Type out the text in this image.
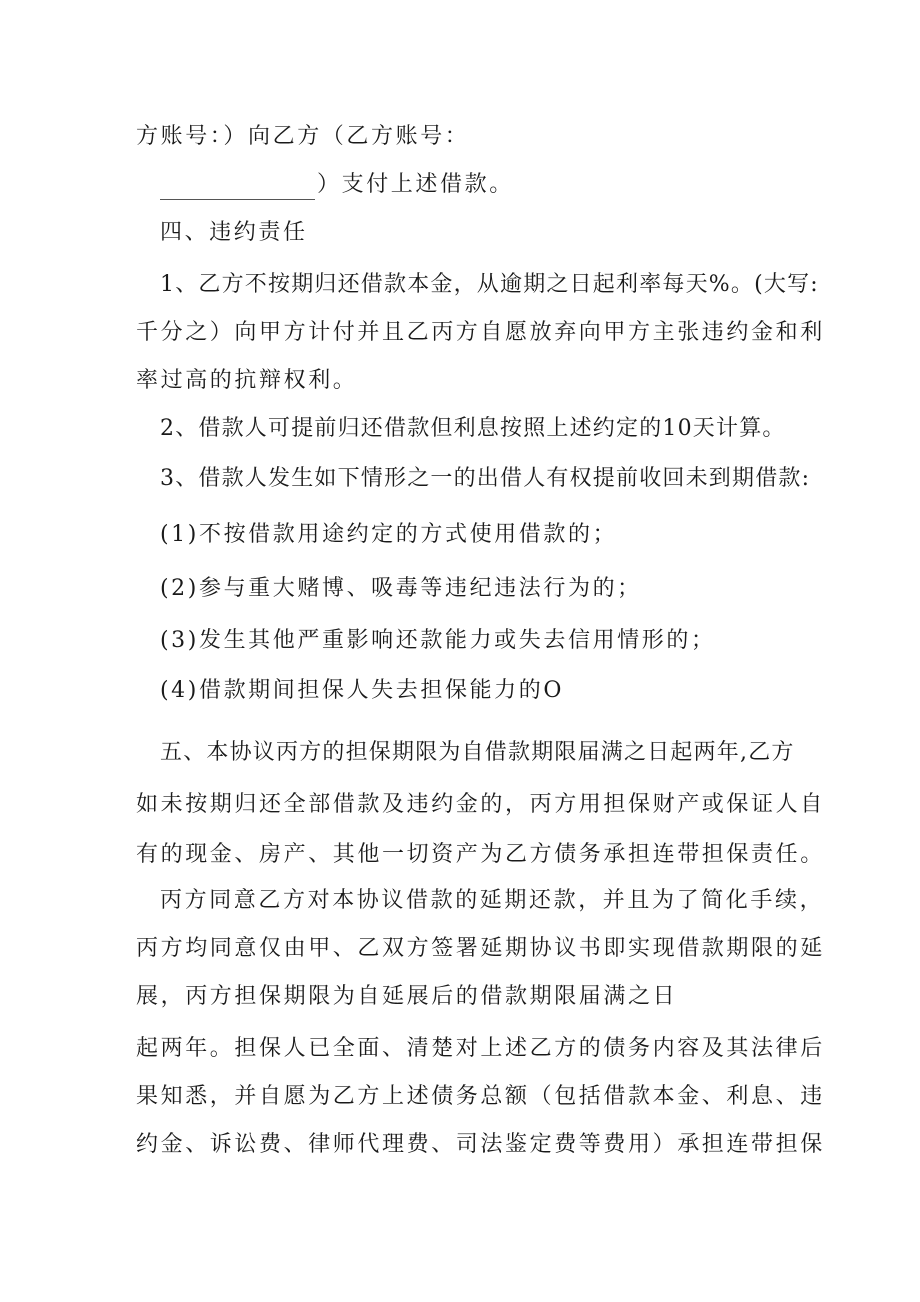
方账号：）向乙方（乙方账号：
）支付上述借款。
四、违约责任
1、乙方不按期归还借款本金，从逾期之日起利率每天%。(大写:
千分之）向甲方计付并且乙丙方自愿放弃向甲方主张违约金和利
率过高的抗辩权利。
2、借款人可提前归还借款但利息按照上述约定的10天计算。
3、借款人发生如下情形之一的出借人有权提前收回未到期借款:
(1)不按借款用途约定的方式使用借款的；
(2)参与重大赌博、吸毒等违纪违法行为的；
(3)发生其他严重影响还款能力或失去信用情形的；
(4)借款期间担保人失去担保能力的O
五、本协议丙方的担保期限为自借款期限届满之日起两年,乙方
如未按期归还全部借款及违约金的，丙方用担保财产或保证人自
有的现金、房产、其他一切资产为乙方债务承担连带担保责任。
丙方同意乙方对本协议借款的延期还款，并且为了简化手续，
丙方均同意仅由甲、乙双方签署延期协议书即实现借款期限的延
展，丙方担保期限为自延展后的借款期限届满之日
起两年。担保人已全面、清楚对上述乙方的债务内容及其法律后
果知悉，并自愿为乙方上述债务总额（包括借款本金、利息、违
约金、诉讼费、律师代理费、司法鉴定费等费用）承担连带担保
